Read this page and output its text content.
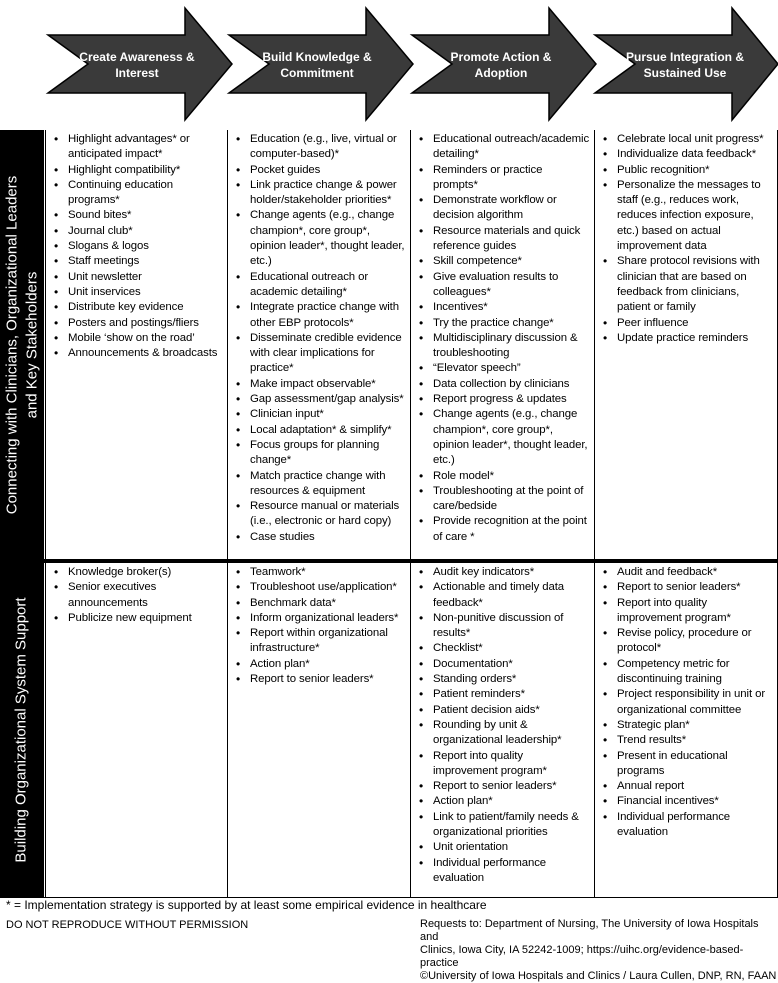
Create Awareness &
Interest
Build Knowledge &
Commitment
Promote Action &
Adoption
Pursue Integration &
Sustained Use
Connecting with Clinicians, Organizational Leaders and Key Stakeholders
• Highlight advantages* or anticipated impact*
• Highlight compatibility*
• Continuing education programs*
• Sound bites*
• Journal club*
• Slogans & logos
• Staff meetings
• Unit newsletter
• Unit inservices
• Distribute key evidence
• Posters and postings/fliers
• Mobile ‘show on the road’
• Announcements & broadcasts
• Education (e.g., live, virtual or computer-based)*
• Pocket guides
• Link practice change & power holder/stakeholder priorities*
• Change agents (e.g., change champion*, core group*, opinion leader*, thought leader, etc.)
• Educational outreach or academic detailing*
• Integrate practice change with other EBP protocols*
• Disseminate credible evidence with clear implications for practice*
• Make impact observable*
• Gap assessment/gap analysis*
• Clinician input*
• Local adaptation* & simplify*
• Focus groups for planning change*
• Match practice change with resources & equipment
• Resource manual or materials (i.e., electronic or hard copy)
• Case studies
• Educational outreach/academic detailing*
• Reminders or practice prompts*
• Demonstrate workflow or decision algorithm
• Resource materials and quick reference guides
• Skill competence*
• Give evaluation results to colleagues*
• Incentives*
• Try the practice change*
• Multidisciplinary discussion & troubleshooting
• “Elevator speech”
• Data collection by clinicians
• Report progress & updates
• Change agents (e.g., change champion*, core group*, opinion leader*, thought leader, etc.)
• Role model*
• Troubleshooting at the point of care/bedside
• Provide recognition at the point of care *
• Celebrate local unit progress*
• Individualize data feedback*
• Public recognition*
• Personalize the messages to staff (e.g., reduces work, reduces infection exposure, etc.) based on actual improvement data
• Share protocol revisions with clinician that are based on feedback from clinicians, patient or family
• Peer influence
• Update practice reminders
Building Organizational System Support
• Knowledge broker(s)
• Senior executives announcements
• Publicize new equipment
• Teamwork*
• Troubleshoot use/application*
• Benchmark data*
• Inform organizational leaders*
• Report within organizational infrastructure*
• Action plan*
• Report to senior leaders*
• Audit key indicators*
• Actionable and timely data feedback*
• Non-punitive discussion of results*
• Checklist*
• Documentation*
• Standing orders*
• Patient reminders*
• Patient decision aids*
• Rounding by unit & organizational leadership*
• Report into quality improvement program*
• Report to senior leaders*
• Action plan*
• Link to patient/family needs & organizational priorities
• Unit orientation
• Individual performance evaluation
• Audit and feedback*
• Report to senior leaders*
• Report into quality improvement program*
• Revise policy, procedure or protocol*
• Competency metric for discontinuing training
• Project responsibility in unit or organizational committee
• Strategic plan*
• Trend results*
• Present in educational programs
• Annual report
• Financial incentives*
• Individual performance evaluation
* = Implementation strategy is supported by at least some empirical evidence in healthcare
DO NOT REPRODUCE WITHOUT PERMISSION	Requests to: Department of Nursing, The University of Iowa Hospitals and
Clinics, Iowa City, IA 52242-1009; https://uihc.org/evidence-based-practice
©University of Iowa Hospitals and Clinics / Laura Cullen, DNP, RN, FAAN
